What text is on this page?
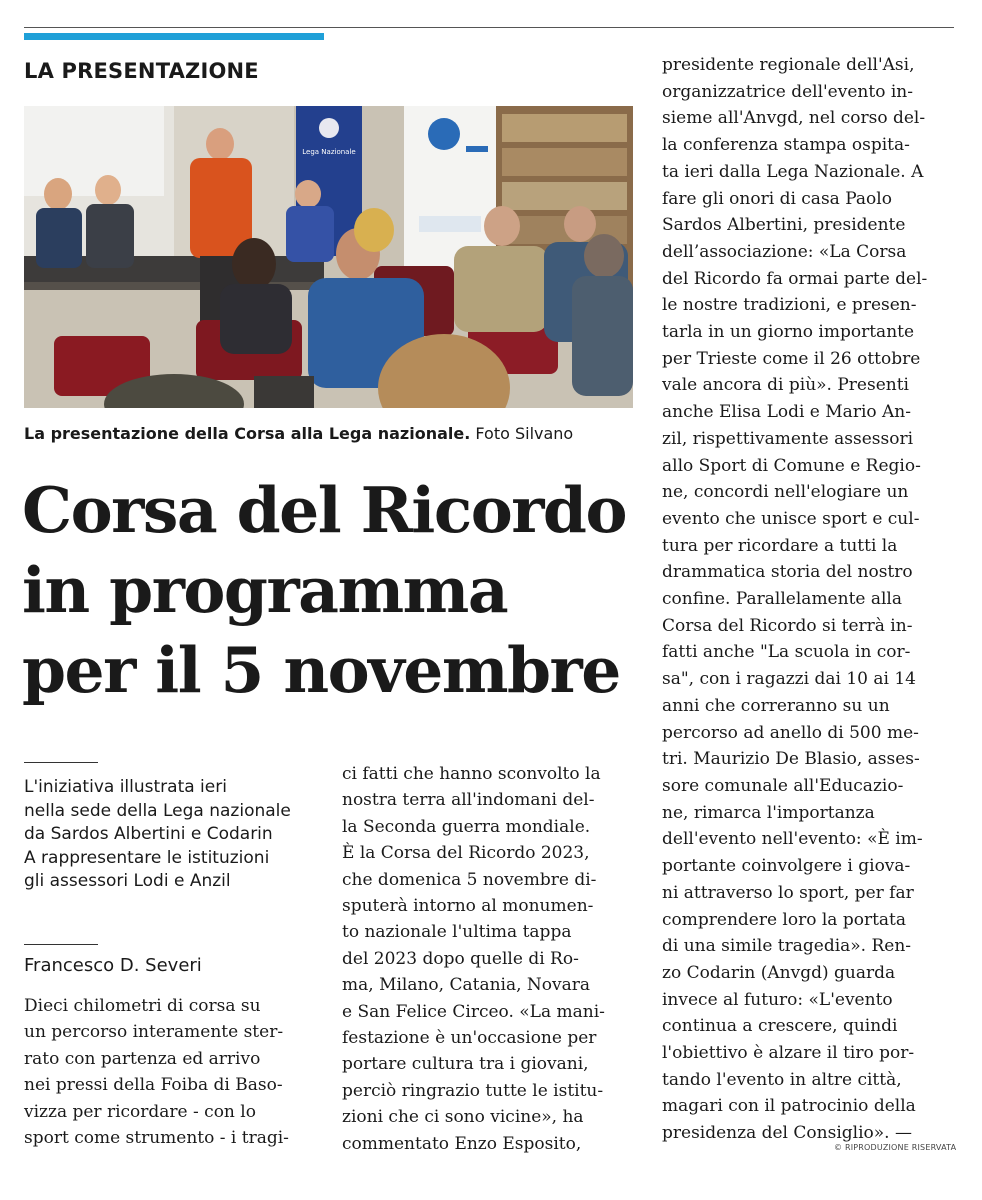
LA PRESENTAZIONE
Lega Nazionale
La presentazione della Corsa alla Lega nazionale. Foto Silvano
Corsa del Ricordo
in programma
per il 5 novembre
L'iniziativa illustrata ieri
nella sede della Lega nazionale
da Sardos Albertini e Codarin
A rappresentare le istituzioni
gli assessori Lodi e Anzil
Francesco D. Severi
Dieci chilometri di corsa su
un percorso interamente ster-
rato con partenza ed arrivo
nei pressi della Foiba di Baso-
vizza per ricordare - con lo
sport come strumento - i tragi-
ci fatti che hanno sconvolto la
nostra terra all'indomani del-
la Seconda guerra mondiale.
È la Corsa del Ricordo 2023,
che domenica 5 novembre di-
sputerà intorno al monumen-
to nazionale l'ultima tappa
del 2023 dopo quelle di Ro-
ma, Milano, Catania, Novara
e San Felice Circeo. «La mani-
festazione è un'occasione per
portare cultura tra i giovani,
perciò ringrazio tutte le istitu-
zioni che ci sono vicine», ha
commentato Enzo Esposito,
presidente regionale dell'Asi,
organizzatrice dell'evento in-
sieme all'Anvgd, nel corso del-
la conferenza stampa ospita-
ta ieri dalla Lega Nazionale. A
fare gli onori di casa Paolo
Sardos Albertini, presidente
dell’associazione: «La Corsa
del Ricordo fa ormai parte del-
le nostre tradizioni, e presen-
tarla in un giorno importante
per Trieste come il 26 ottobre
vale ancora di più». Presenti
anche Elisa Lodi e Mario An-
zil, rispettivamente assessori
allo Sport di Comune e Regio-
ne, concordi nell'elogiare un
evento che unisce sport e cul-
tura per ricordare a tutti la
drammatica storia del nostro
confine. Parallelamente alla
Corsa del Ricordo si terrà in-
fatti anche "La scuola in cor-
sa", con i ragazzi dai 10 ai 14
anni che correranno su un
percorso ad anello di 500 me-
tri. Maurizio De Blasio, asses-
sore comunale all'Educazio-
ne, rimarca l'importanza
dell'evento nell'evento: «È im-
portante coinvolgere i giova-
ni attraverso lo sport, per far
comprendere loro la portata
di una simile tragedia». Ren-
zo Codarin (Anvgd) guarda
invece al futuro: «L'evento
continua a crescere, quindi
l'obiettivo è alzare il tiro por-
tando l'evento in altre città,
magari con il patrocinio della
presidenza del Consiglio». —
© RIPRODUZIONE RISERVATA
